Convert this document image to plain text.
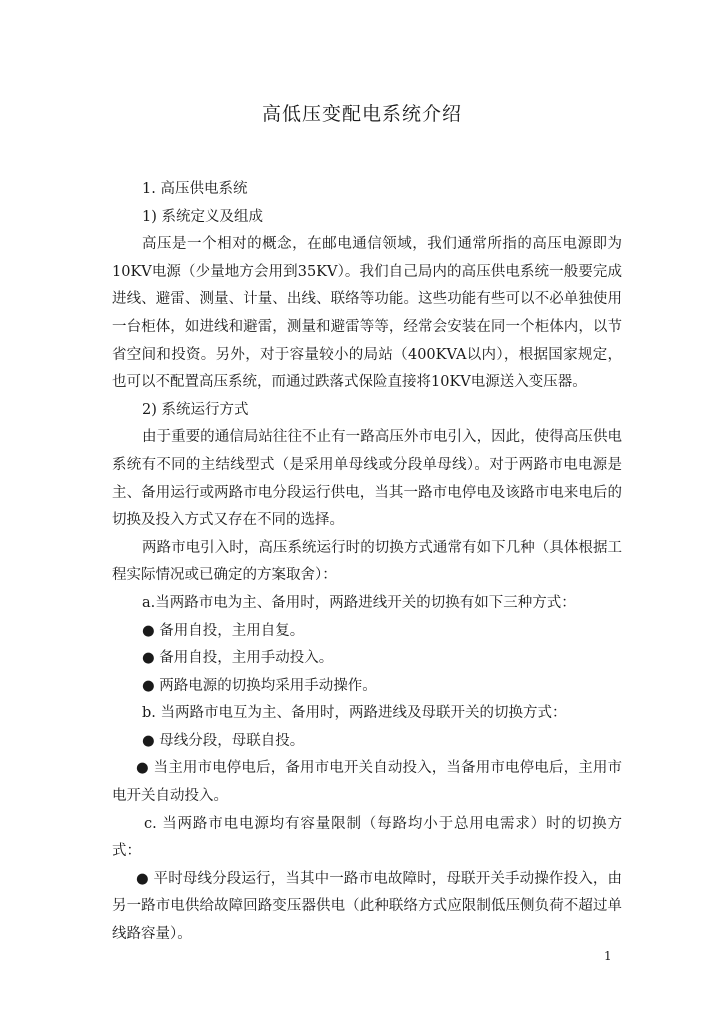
高低压变配电系统介绍

1. 高压供电系统

1) 系统定义及组成

高压是一个相对的概念，在邮电通信领域，我们通常所指的高压电源即为10KV电源（少量地方会用到35KV）。我们自己局内的高压供电系统一般要完成进线、避雷、测量、计量、出线、联络等功能。这些功能有些可以不必单独使用一台柜体，如进线和避雷，测量和避雷等等，经常会安装在同一个柜体内，以节省空间和投资。另外，对于容量较小的局站（400KVA以内），根据国家规定，也可以不配置高压系统，而通过跌落式保险直接将10KV电源送入变压器。

2) 系统运行方式

由于重要的通信局站往往不止有一路高压外市电引入，因此，使得高压供电系统有不同的主结线型式（是采用单母线或分段单母线）。对于两路市电电源是主、备用运行或两路市电分段运行供电，当其一路市电停电及该路市电来电后的切换及投入方式又存在不同的选择。

两路市电引入时，高压系统运行时的切换方式通常有如下几种（具体根据工程实际情况或已确定的方案取舍）：

a.当两路市电为主、备用时，两路进线开关的切换有如下三种方式：

● 备用自投，主用自复。

● 备用自投，主用手动投入。

● 两路电源的切换均采用手动操作。

b. 当两路市电互为主、备用时，两路进线及母联开关的切换方式：

● 母线分段，母联自投。

● 当主用市电停电后，备用市电开关自动投入，当备用市电停电后，主用市电开关自动投入。

c. 当两路市电电源均有容量限制（每路均小于总用电需求）时的切换方式：

● 平时母线分段运行，当其中一路市电故障时，母联开关手动操作投入，由另一路市电供给故障回路变压器供电（此种联络方式应限制低压侧负荷不超过单线路容量）。

1
